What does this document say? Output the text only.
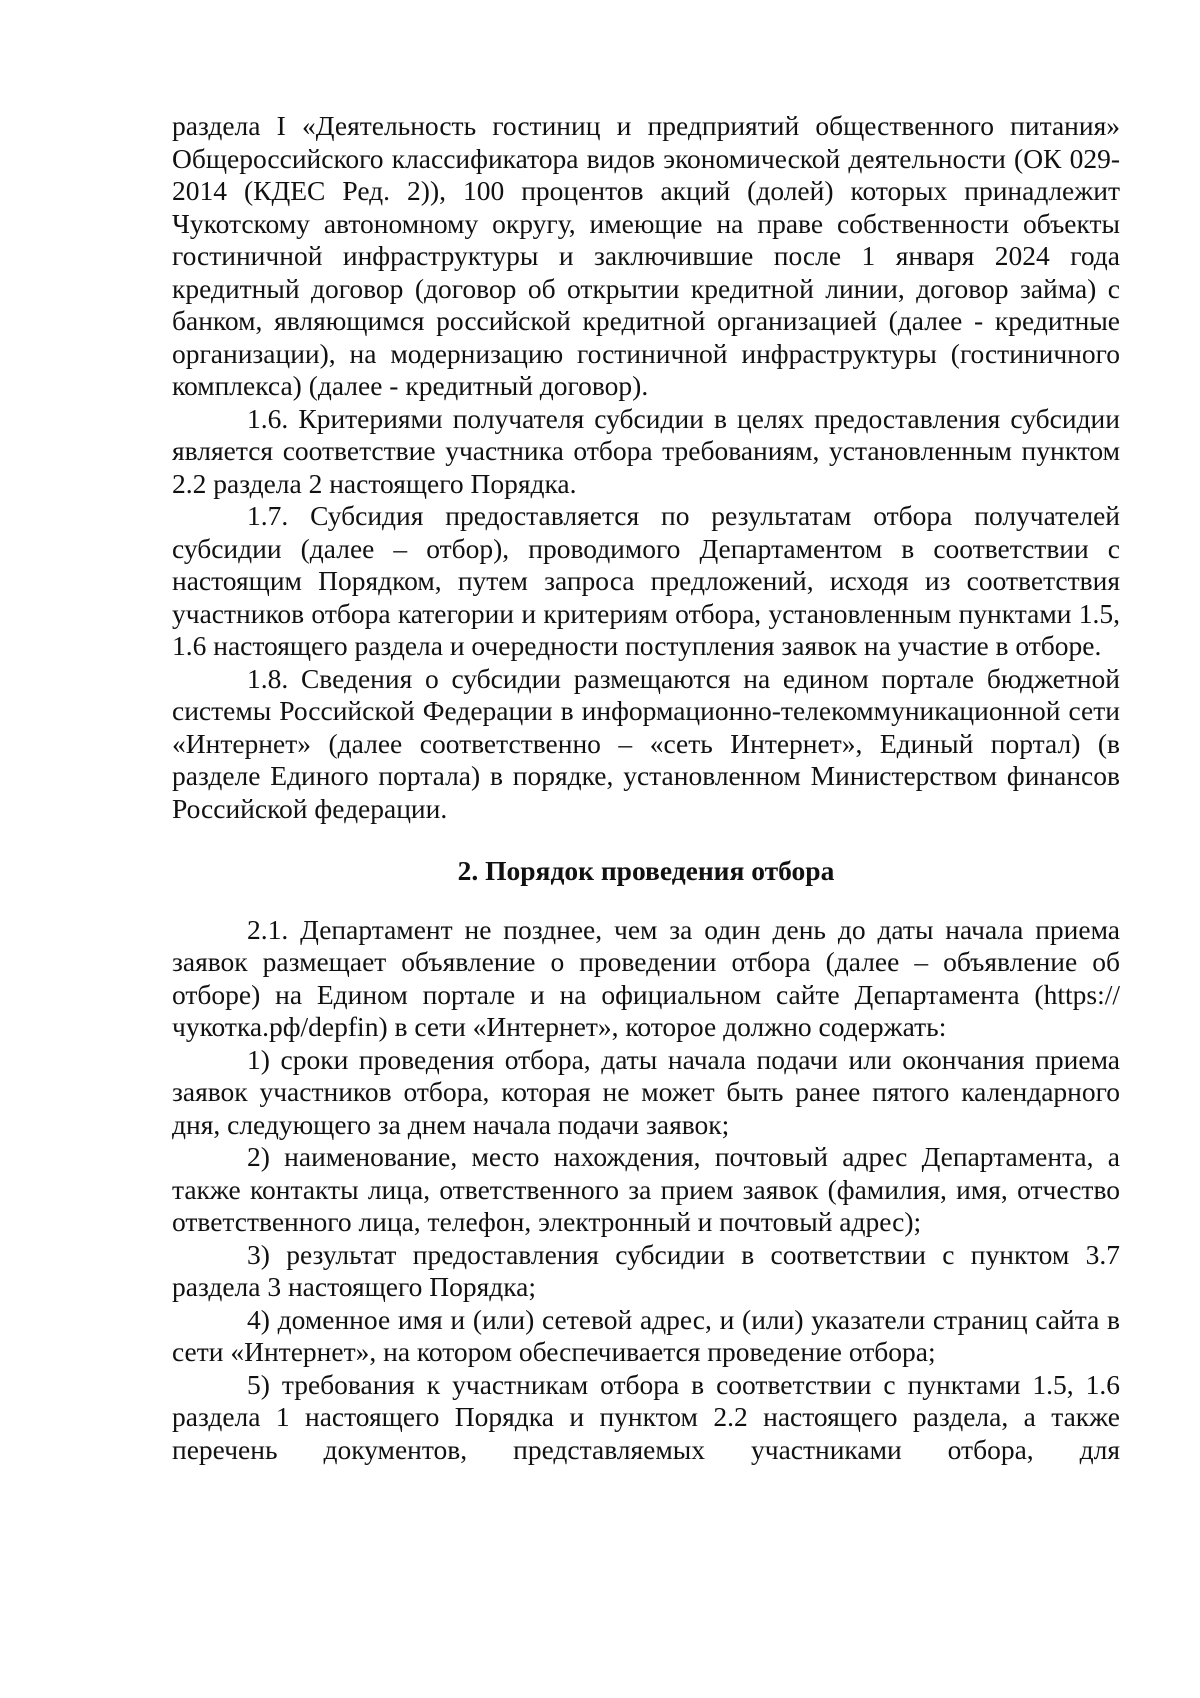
раздела I «Деятельность гостиниц и предприятий общественного питания» Общероссийского классификатора видов экономической деятельности (ОК 029-2014 (КДЕС Ред. 2)), 100 процентов акций (долей) которых принадлежит Чукотскому автономному округу, имеющие на праве собственности объекты гостиничной инфраструктуры и заключившие после 1 января 2024 года кредитный договор (договор об открытии кредитной линии, договор займа) с банком, являющимся российской кредитной организацией (далее - кредитные организации), на модернизацию гостиничной инфраструктуры (гостиничного комплекса) (далее - кредитный договор).

1.6. Критериями получателя субсидии в целях предоставления субсидии является соответствие участника отбора требованиям, установленным пунктом 2.2 раздела 2 настоящего Порядка.

1.7. Субсидия предоставляется по результатам отбора получателей субсидии (далее – отбор), проводимого Департаментом в соответствии с настоящим Порядком, путем запроса предложений, исходя из соответствия участников отбора категории и критериям отбора, установленным пунктами 1.5, 1.6 настоящего раздела и очередности поступления заявок на участие в отборе.

1.8. Сведения о субсидии размещаются на едином портале бюджетной системы Российской Федерации в информационно-телекоммуникационной сети «Интернет» (далее соответственно – «сеть Интернет», Единый портал) (в разделе Единого портала) в порядке, установленном Министерством финансов Российской федерации.

2. Порядок проведения отбора

2.1. Департамент не позднее, чем за один день до даты начала приема заявок размещает объявление о проведении отбора (далее – объявление об отборе) на Едином портале и на официальном сайте Департамента (https://чукотка.рф/depfin) в сети «Интернет», которое должно содержать:

1) сроки проведения отбора, даты начала подачи или окончания приема заявок участников отбора, которая не может быть ранее пятого календарного дня, следующего за днем начала подачи заявок;

2) наименование, место нахождения, почтовый адрес Департамента, а также контакты лица, ответственного за прием заявок (фамилия, имя, отчество ответственного лица, телефон, электронный и почтовый адрес);

3) результат предоставления субсидии в соответствии с пунктом 3.7 раздела 3 настоящего Порядка;

4) доменное имя и (или) сетевой адрес, и (или) указатели страниц сайта в сети «Интернет», на котором обеспечивается проведение отбора;

5) требования к участникам отбора в соответствии с пунктами 1.5, 1.6 раздела 1 настоящего Порядка и пунктом 2.2 настоящего раздела, а также перечень документов, представляемых участниками отбора, для
